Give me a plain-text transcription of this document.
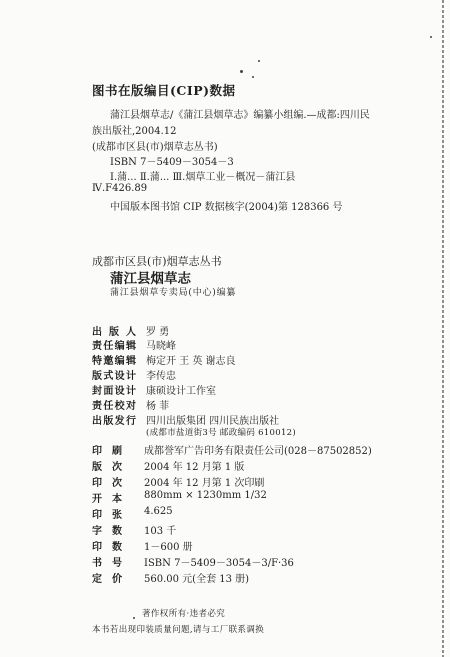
图书在版编目(CIP)数据
蒲江县烟草志/《蒲江县烟草志》编纂小组编.—成都:四川民
族出版社,2004.12
(成都市区县(市)烟草志丛书)
ISBN 7－5409－3054－3
Ⅰ.蒲... Ⅱ.蒲... Ⅲ.烟草工业－概况－蒲江县
Ⅳ.F426.89
中国版本图书馆 CIP 数据核字(2004)第 128366 号
成都市区县(市)烟草志丛书
蒲江县烟草志
蒲江县烟草专卖局(中心)编纂
出版人 罗 勇
责任编辑 马晓峰
特邀编辑 梅定开 王 英 谢志良
版式设计 李传忠
封面设计 康硕设计工作室
责任校对 杨 菲
出版发行 四川出版集团 四川民族出版社
(成都市盐道街3号 邮政编码 610012)
印刷 成都誉军广告印务有限责任公司(028－87502852)
版次 2004 年 12 月第 1 版
印次 2004 年 12 月第 1 次印刷
开本 880mm × 1230mm 1/32
印张 4.625
字数 103 千
印数 1－600 册
书号 ISBN 7－5409－3054－3/F·36
定价 560.00 元(全套 13 册)
著作权所有·违者必究
本书若出现印装质量问题,请与工厂联系调换
